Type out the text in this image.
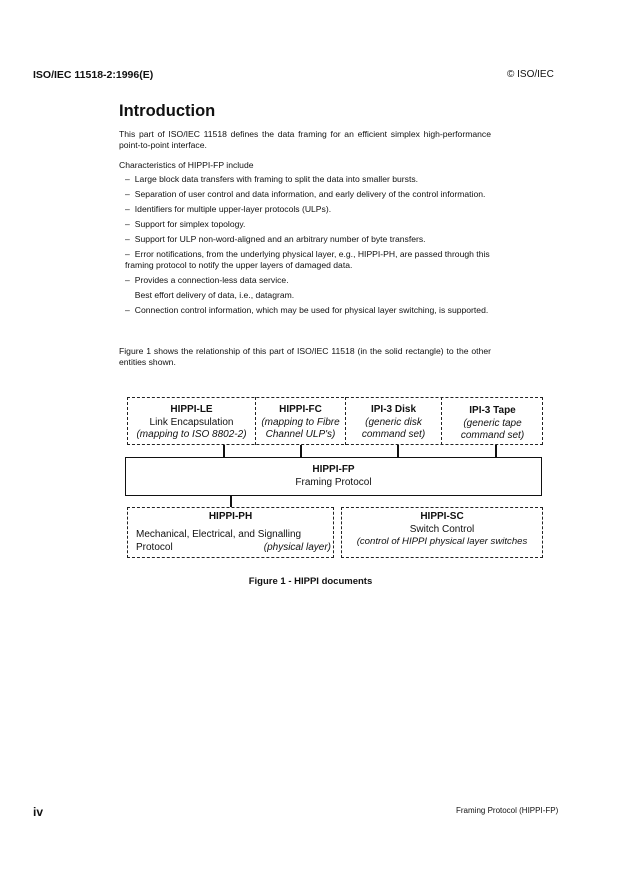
ISO/IEC 11518-2:1996(E)	© ISO/IEC
Introduction
This part of ISO/IEC 11518 defines the data framing for an efficient simplex high-performance point-to-point interface.
Characteristics of HIPPI-FP include
– Large block data transfers with framing to split the data into smaller bursts.
– Separation of user control and data information, and early delivery of the control information.
– Identifiers for multiple upper-layer protocols (ULPs).
– Support for simplex topology.
– Support for ULP non-word-aligned and an arbitrary number of byte transfers.
– Error notifications, from the underlying physical layer, e.g., HIPPI-PH, are passed through this framing protocol to notify the upper layers of damaged data.
– Provides a connection-less data service.
Best effort delivery of data, i.e., datagram.
– Connection control information, which may be used for physical layer switching, is supported.
Figure 1 shows the relationship of this part of ISO/IEC 11518 (in the solid rectangle) to the other entities shown.
HIPPI-LE
Link Encapsulation
(mapping to ISO 8802-2)
HIPPI-FC
(mapping to Fibre
Channel ULP's)
IPI-3 Disk
(generic disk
command set)
IPI-3 Tape
(generic tape
command set)
HIPPI-FP
Framing Protocol
HIPPI-PH
Mechanical, Electrical, and Signalling
Protocol	(physical layer)
HIPPI-SC
Switch Control
(control of HIPPI physical layer switches
Figure 1 - HIPPI documents
iv	Framing Protocol (HIPPI-FP)
